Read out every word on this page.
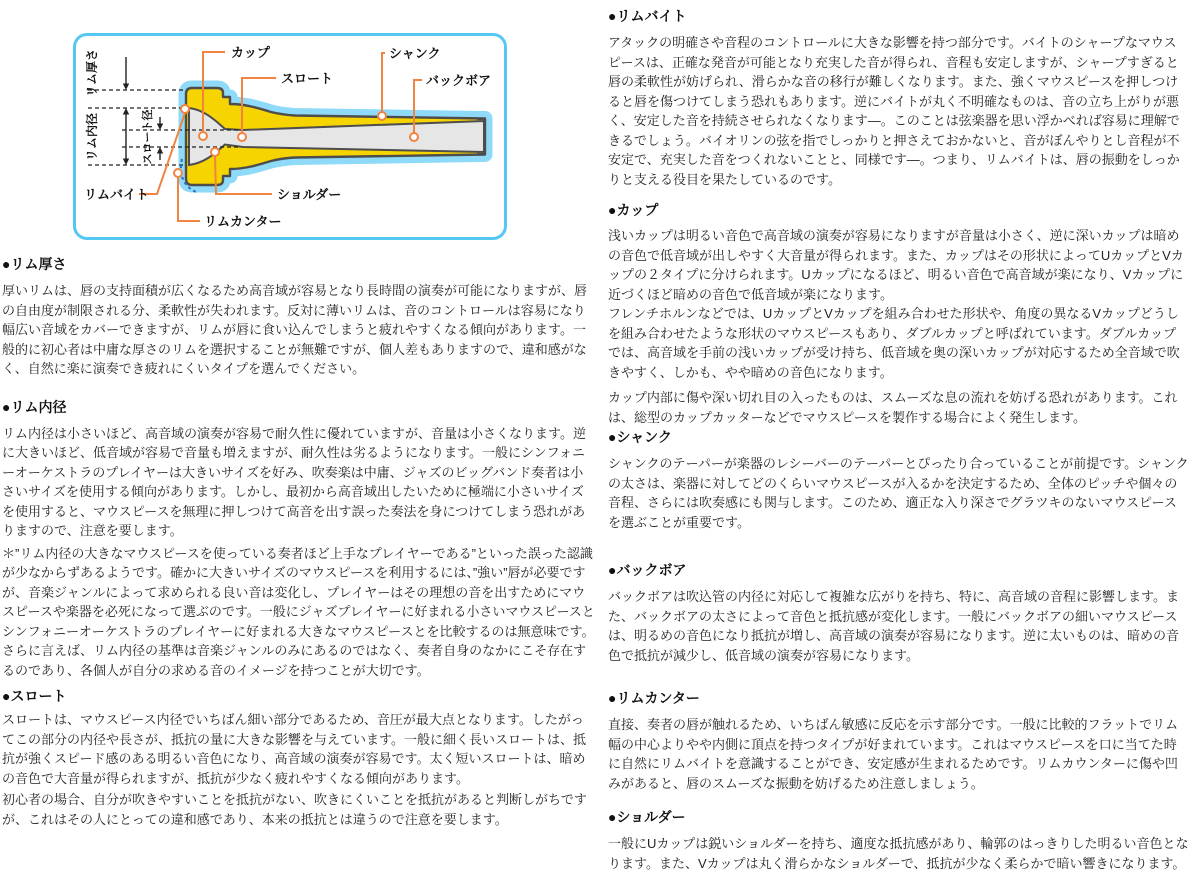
リム厚さ
リム内径	スロート径
カップ
スロート
シャンク
バックボア
リムバイト	ショルダー
リムカンター
●リム厚さ

厚いリムは、唇の支持面積が広くなるため高音域が容易となり長時間の演奏が可能になりますが、唇の自由度が制限される分、柔軟性が失われます。反対に薄いリムは、音のコントロールは容易になり幅広い音域をカバーできますが、リムが唇に食い込んでしまうと疲れやすくなる傾向があります。一般的に初心者は中庸な厚さのリムを選択することが無難ですが、個人差もありますので、違和感がなく、自然に楽に演奏でき疲れにくいタイプを選んでください。

●リム内径

リム内径は小さいほど、高音域の演奏が容易で耐久性に優れていますが、音量は小さくなります。逆に大きいほど、低音域が容易で音量も増えますが、耐久性は劣るようになります。一般にシンフォニーオーケストラのプレイヤーは大きいサイズを好み、吹奏楽は中庸、ジャズのビッグバンド奏者は小さいサイズを使用する傾向があります。しかし、最初から高音域出したいために極端に小さいサイズを使用すると、マウスピースを無理に押しつけて高音を出す誤った奏法を身につけてしまう恐れがありますので、注意を要します。

＊”リム内径の大きなマウスピースを使っている奏者ほど上手なプレイヤーである”といった誤った認識が少なからずあるようです。確かに大きいサイズのマウスピースを利用するには、”強い”唇が必要ですが、音楽ジャンルによって求められる良い音は変化し、プレイヤーはその理想の音を出すためにマウスピースや楽器を必死になって選ぶのです。一般にジャズプレイヤーに好まれる小さいマウスピースとシンフォニーオーケストラのプレイヤーに好まれる大きなマウスピースとを比較するのは無意味です。さらに言えば、リム内径の基準は音楽ジャンルのみにあるのではなく、奏者自身のなかにこそ存在するのであり、各個人が自分の求める音のイメージを持つことが大切です。

●スロート

スロートは、マウスピース内径でいちばん細い部分であるため、音圧が最大点となります。したがってこの部分の内径や長さが、抵抗の量に大きな影響を与えています。一般に細く長いスロートは、抵抗が強くスピード感のある明るい音色になり、高音域の演奏が容易です。太く短いスロートは、暗めの音色で大音量が得られますが、抵抗が少なく疲れやすくなる傾向があります。

初心者の場合、自分が吹きやすいことを抵抗がない、吹きにくいことを抵抗があると判断しがちですが、これはその人にとっての違和感であり、本来の抵抗とは違うので注意を要します。

●リムバイト

アタックの明確さや音程のコントロールに大きな影響を持つ部分です。バイトのシャープなマウスピースは、正確な発音が可能となり充実した音が得られ、音程も安定しますが、シャープすぎると唇の柔軟性が妨げられ、滑らかな音の移行が難しくなります。また、強くマウスピースを押しつけると唇を傷つけてしまう恐れもあります。逆にバイトが丸く不明確なものは、音の立ち上がりが悪く、安定した音を持続させられなくなります―。このことは弦楽器を思い浮かべれば容易に理解できるでしょう。バイオリンの弦を指でしっかりと押さえておかないと、音がぼんやりとし音程が不安定で、充実した音をつくれないことと、同様です―。つまり、リムバイトは、唇の振動をしっかりと支える役目を果たしているのです。

●カップ

浅いカップは明るい音色で高音域の演奏が容易になりますが音量は小さく、逆に深いカップは暗めの音色で低音域が出しやすく大音量が得られます。また、カップはその形状によってUカップとVカップの２タイプに分けられます。Uカップになるほど、明るい音色で高音域が楽になり、Vカップに近づくほど暗めの音色で低音域が楽になります。

フレンチホルンなどでは、UカップとVカップを組み合わせた形状や、角度の異なるVカップどうしを組み合わせたような形状のマウスピースもあり、ダブルカップと呼ばれています。ダブルカップでは、高音域を手前の浅いカップが受け持ち、低音域を奥の深いカップが対応するため全音域で吹きやすく、しかも、やや暗めの音色になります。

カップ内部に傷や深い切れ目の入ったものは、スムーズな息の流れを妨げる恐れがあります。これは、総型のカップカッターなどでマウスピースを製作する場合によく発生します。

●シャンク

シャンクのテーパーが楽器のレシーバーのテーパーとぴったり合っていることが前提です。シャンクの太さは、楽器に対してどのくらいマウスピースが入るかを決定するため、全体のピッチや個々の音程、さらには吹奏感にも関与します。このため、適正な入り深さでグラツキのないマウスピースを選ぶことが重要です。

●バックボア

バックボアは吹込管の内径に対応して複雑な広がりを持ち、特に、高音域の音程に影響します。また、バックボアの太さによって音色と抵抗感が変化します。一般にバックボアの細いマウスピースは、明るめの音色になり抵抗が増し、高音域の演奏が容易になります。逆に太いものは、暗めの音色で抵抗が減少し、低音域の演奏が容易になります。

●リムカンター

直接、奏者の唇が触れるため、いちばん敏感に反応を示す部分です。一般に比較的フラットでリム幅の中心よりやや内側に頂点を持つタイプが好まれています。これはマウスピースを口に当てた時に自然にリムバイトを意識することができ、安定感が生まれるためです。リムカウンターに傷や凹みがあると、唇のスムーズな振動を妨げるため注意しましょう。

●ショルダー

一般にUカップは鋭いショルダーを持ち、適度な抵抗感があり、輪郭のはっきりした明るい音色となります。また、Vカップは丸く滑らかなショルダーで、抵抗が少なく柔らかで暗い響きになります。
